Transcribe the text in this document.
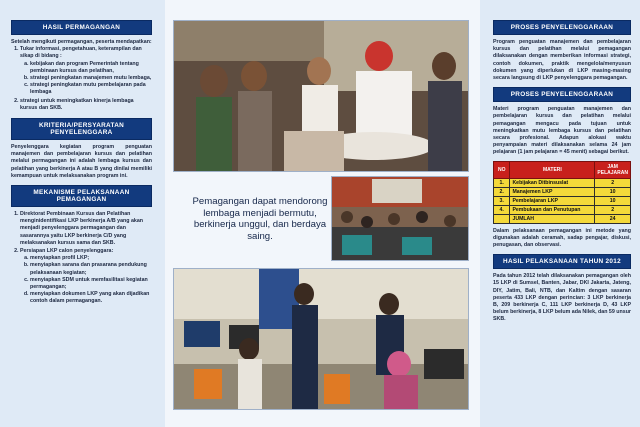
HASIL PERMAGANGAN

Setelah mengikuti permagangan, peserta mendapatkan:

1. Tukar informasi, pengetahuan, keterampilan dan sikap di bidang :
a. kebijakan dan program Pemerintah tentang pembinaan kursus dan pelatihan,
b. strategi peningkatan manajemen mutu lembaga,
c. strategi peningkatan mutu pembelajaran pada lembaga
2. strategi untuk meningkatkan kinerja lembaga kursus dan SKB.
KRITERIA/PERSYARATAN PENYELENGGARA

Penyelenggara kegiatan program penguatan manajemen dan pembelajaran kursus dan pelatihan melalui permagangan ini adalah lembaga kursus dan pelatihan yang berkinerja A atau B yang dinilai memiliki kemampuan untuk melaksanakan program ini.

MEKANISME PELAKSANAAN PEMAGANGAN
1. Direktorat Pembinaan Kursus dan Pelatihan menginidentifikasi LKP berkinerja A/B yang akan menjadi penyelenggara permagangan dan sasarannya yaitu LKP berkinerja C/D yang melaksanakan kursus sama dan SKB.
2. Persiapan LKP calon penyelenggara:
a. menyiapkan profil LKP;
b. menyiapkan sarana dan prasarana pendukung pelaksanaan kegiatan;
c. menyiapkan SDM untuk memfasilitasi kegiatan permagangan;
d. menyiapkan dokumen LKP yang akan dijadikan contoh dalam permagangan.
Pemagangan dapat mendorong lembaga menjadi bermutu, berkinerja unggul, dan berdaya saing.
PROSES PENYELENGGARAAN

Program penguatan manajemen dan pembelajaran kursus dan pelatihan melalui pemagangan dilaksanakan dengan memberikan informasi strategi, contoh dokumen, praktik mengelola/menyusun dokumen yang diperlukan di LKP masing-masing secara langsung di LKP penyelenggara pemagangan.

PROSES PENYELENGGARAAN

Materi program penguatan manajemen dan pembelajaran kursus dan pelatihan melalui pemagangan mengacu pada tujuan untuk meningkatkan mutu lembaga kursus dan pelatihan secara profesional. Adapun alokasi waktu penyampaian materi dilaksanakan selama 24 jam pelajaran (1 jam pelajaran = 45 menit) sebagai berikut.

NO	MATERI	JAM PELAJARAN
1.	Kebijakan Ditbinsuslat	2
2.	Manajemen LKP	10
3.	Pembelajaran LKP	10
4.	Pembukaan dan Penutupan	2
	JUMLAH	24

Dalam pelaksanaan pemagangan ini metode yang digunakan adalah ceramah, sadap pengajar, diskusi, penugasan, dan observasi.

HASIL PELAKSANAAN TAHUN 2012

Pada tahun 2012 telah dilaksanakan pemagangan oleh 15 LKP di Sumsel, Banten, Jabar, DKI Jakarta, Jateng, DIY, Jatim, Bali, NTB, dan Kaltim dengan sasaran peserta 433 LKP dengan perincian: 3 LKP berkinerja B, 209 berkinerja C, 111 LKP berkinerja D, 43 LKP belum berkinerja, 8 LKP belum ada Nilek, dan 59 unsur SKB.
